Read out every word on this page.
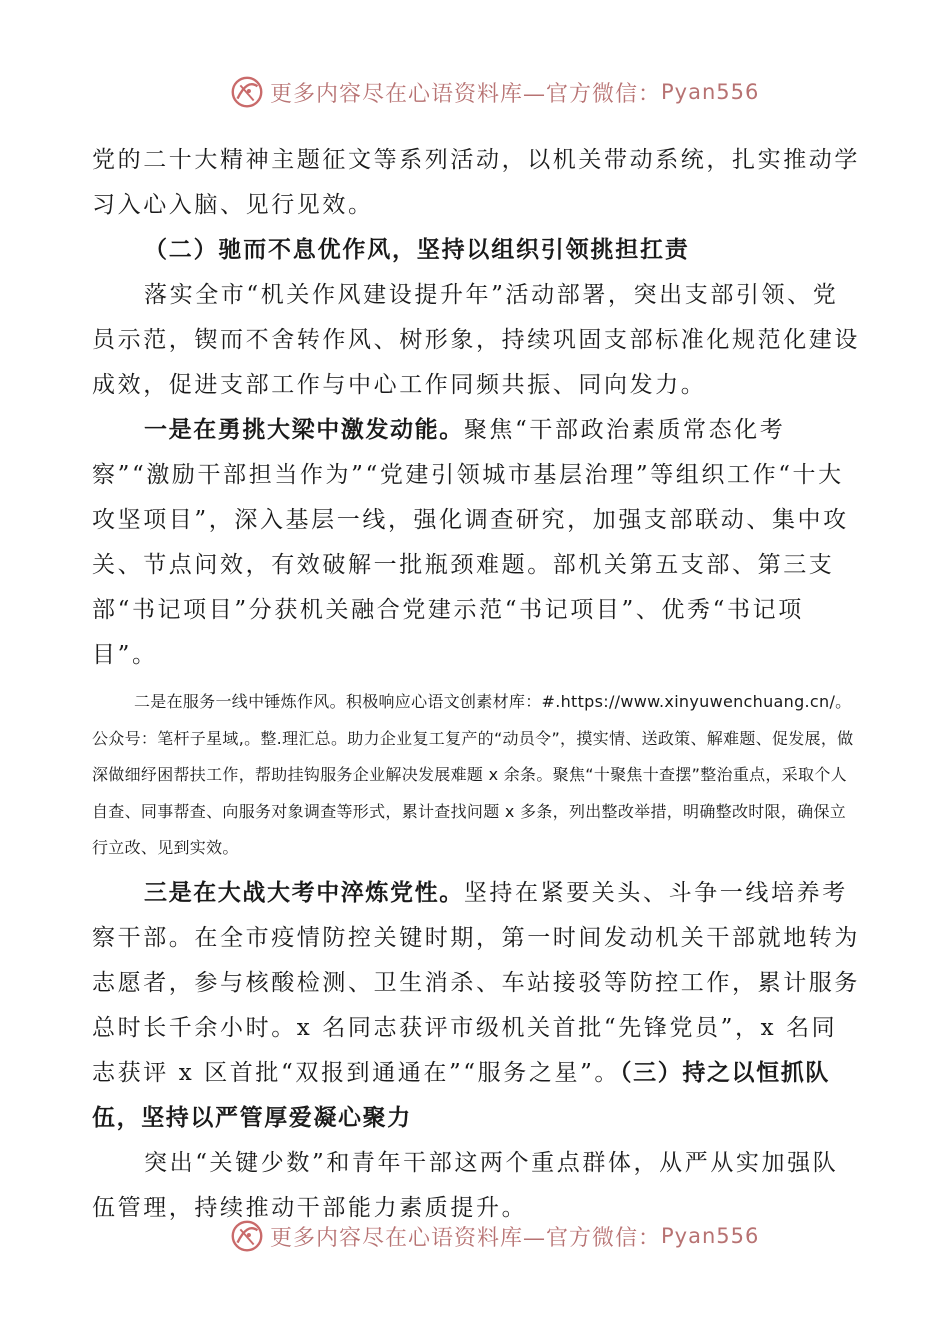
更多内容尽在心语资料库—官方微信： Pyan556

党的二十大精神主题征文等系列活动，以机关带动系统，扎实推动学习入心入脑、见行见效。

（二）驰而不息优作风，坚持以组织引领挑担扛责

落实全市“机关作风建设提升年”活动部署，突出支部引领、党员示范，锲而不舍转作风、树形象，持续巩固支部标准化规范化建设成效，促进支部工作与中心工作同频共振、同向发力。

一是在勇挑大梁中激发动能。聚焦“干部政治素质常态化考察”“激励干部担当作为”“党建引领城市基层治理”等组织工作“十大攻坚项目”，深入基层一线，强化调查研究，加强支部联动、集中攻关、节点问效，有效破解一批瓶颈难题。部机关第五支部、第三支部“书记项目”分获机关融合党建示范“书记项目”、优秀“书记项目”。

二是在服务一线中锤炼作风。积极响应心语文创素材库：#.https://www.xinyuwenchuang.cn/。公众号：笔杆子星域,。整.理汇总。助力企业复工复产的“动员令”，摸实情、送政策、解难题、促发展，做深做细纾困帮扶工作，帮助挂钩服务企业解决发展难题 x 余条。聚焦“十聚焦十查摆”整治重点，采取个人自查、同事帮查、向服务对象调查等形式，累计查找问题 x 多条，列出整改举措，明确整改时限，确保立行立改、见到实效。

三是在大战大考中淬炼党性。坚持在紧要关头、斗争一线培养考察干部。在全市疫情防控关键时期，第一时间发动机关干部就地转为志愿者，参与核酸检测、卫生消杀、车站接驳等防控工作，累计服务总时长千余小时。x 名同志获评市级机关首批“先锋党员”，x 名同志获评 x 区首批“双报到通通在”“服务之星”。（三）持之以恒抓队伍，坚持以严管厚爱凝心聚力

突出“关键少数”和青年干部这两个重点群体，从严从实加强队伍管理，持续推动干部能力素质提升。

更多内容尽在心语资料库—官方微信： Pyan556
